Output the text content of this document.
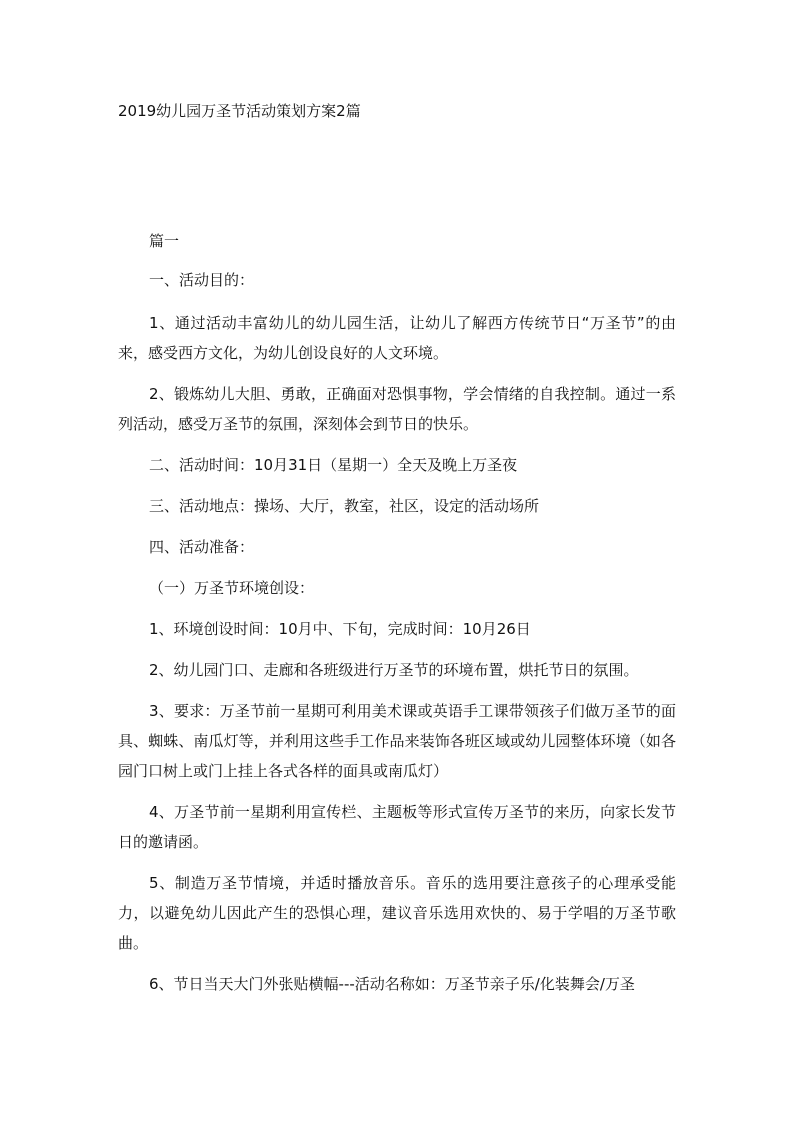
2019幼儿园万圣节活动策划方案2篇

篇一

一、活动目的：

1、通过活动丰富幼儿的幼儿园生活，让幼儿了解西方传统节日“万圣节”的由来，感受西方文化，为幼儿创设良好的人文环境。

2、锻炼幼儿大胆、勇敢，正确面对恐惧事物，学会情绪的自我控制。通过一系列活动，感受万圣节的氛围，深刻体会到节日的快乐。

二、活动时间：10月31日（星期一）全天及晚上万圣夜

三、活动地点：操场、大厅，教室，社区，设定的活动场所

四、活动准备：

（一）万圣节环境创设：

1、环境创设时间：10月中、下旬，完成时间：10月26日

2、幼儿园门口、走廊和各班级进行万圣节的环境布置，烘托节日的氛围。

3、要求：万圣节前一星期可利用美术课或英语手工课带领孩子们做万圣节的面具、蜘蛛、南瓜灯等，并利用这些手工作品来装饰各班区域或幼儿园整体环境（如各园门口树上或门上挂上各式各样的面具或南瓜灯）

4、万圣节前一星期利用宣传栏、主题板等形式宣传万圣节的来历，向家长发节日的邀请函。

5、制造万圣节情境，并适时播放音乐。音乐的选用要注意孩子的心理承受能力，以避免幼儿因此产生的恐惧心理，建议音乐选用欢快的、易于学唱的万圣节歌曲。

6、节日当天大门外张贴横幅---活动名称如：万圣节亲子乐/化装舞会/万圣
